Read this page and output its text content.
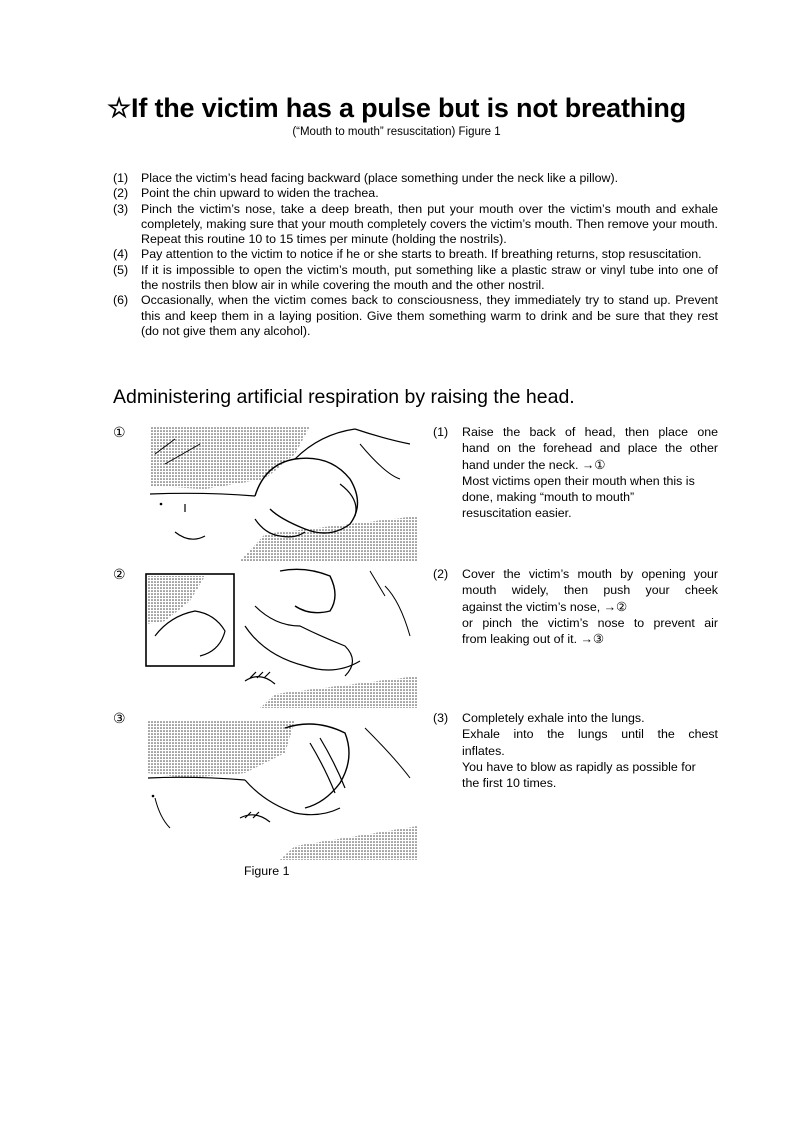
☆If the victim has a pulse but is not breathing
(“Mouth to mouth” resuscitation) Figure 1
(1)	Place the victim’s head facing backward (place something under the neck like a pillow).
(2)	Point the chin upward to widen the trachea.
(3)	Pinch the victim’s nose, take a deep breath, then put your mouth over the victim’s mouth and exhale completely, making sure that your mouth completely covers the victim’s mouth. Then remove your mouth. Repeat this routine 10 to 15 times per minute (holding the nostrils).
(4)	Pay attention to the victim to notice if he or she starts to breath. If breathing returns, stop resuscitation.
(5)	If it is impossible to open the victim’s mouth, put something like a plastic straw or vinyl tube into one of the nostrils then blow air in while covering the mouth and the other nostril.
(6)	Occasionally, when the victim comes back to consciousness, they immediately try to stand up. Prevent this and keep them in a laying position. Give them something warm to drink and be sure that they rest (do not give them any alcohol).
Administering artificial respiration by raising the head.
①	(1)	Raise the back of head, then place one
hand on the forehead and place the other
hand under the neck. →①
Most victims open their mouth when this is
done, making “mouth to mouth”
resuscitation easier.
②	(2)	Cover the victim’s mouth by opening your
mouth widely, then push your cheek
against the victim’s nose, →②
or pinch the victim’s nose to prevent air
from leaking out of it. →③
③	(3)	Completely exhale into the lungs.
Exhale into the lungs until the chest
inflates.
You have to blow as rapidly as possible for
the first 10 times.
Figure 1
